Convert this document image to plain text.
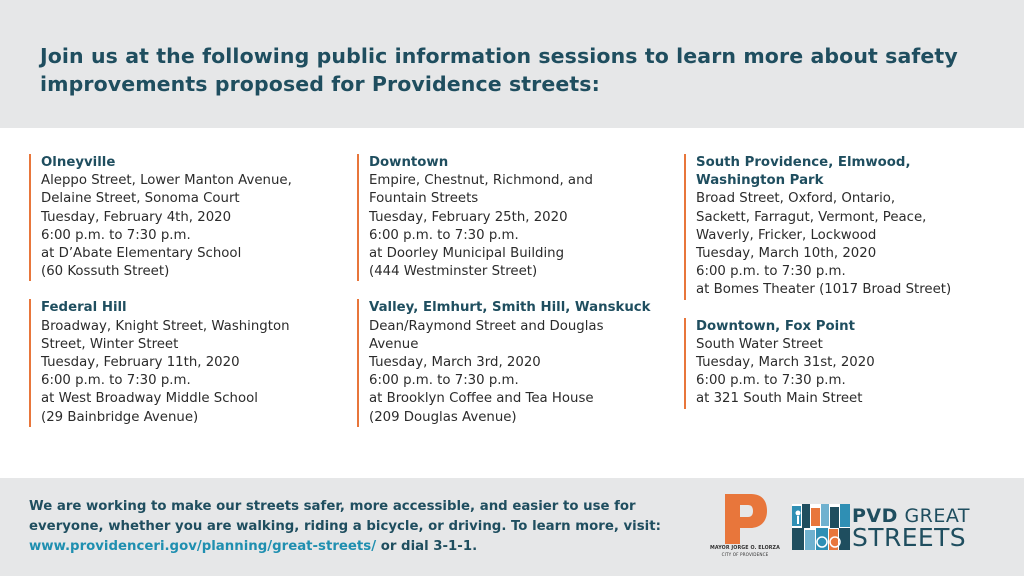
Join us at the following public information sessions to learn more about safety improvements proposed for Providence streets:
Olneyville
Aleppo Street, Lower Manton Avenue,
Delaine Street, Sonoma Court
Tuesday, February 4th, 2020
6:00 p.m. to 7:30 p.m.
at D’Abate Elementary School
(60 Kossuth Street)
Federal Hill
Broadway, Knight Street, Washington
Street, Winter Street
Tuesday, February 11th, 2020
6:00 p.m. to 7:30 p.m.
at West Broadway Middle School
(29 Bainbridge Avenue)
Downtown
Empire, Chestnut, Richmond, and
Fountain Streets
Tuesday, February 25th, 2020
6:00 p.m. to 7:30 p.m.
at Doorley Municipal Building
(444 Westminster Street)
Valley, Elmhurt, Smith Hill, Wanskuck
Dean/Raymond Street and Douglas
Avenue
Tuesday, March 3rd, 2020
6:00 p.m. to 7:30 p.m.
at Brooklyn Coffee and Tea House
(209 Douglas Avenue)
South Providence, Elmwood, Washington Park
Broad Street, Oxford, Ontario,
Sackett, Farragut, Vermont, Peace,
Waverly, Fricker, Lockwood
Tuesday, March 10th, 2020
6:00 p.m. to 7:30 p.m.
at Bomes Theater (1017 Broad Street)
Downtown, Fox Point
South Water Street
Tuesday, March 31st, 2020
6:00 p.m. to 7:30 p.m.
at 321 South Main Street

We are working to make our streets safer, more accessible, and easier to use for everyone, whether you are walking, riding a bicycle, or driving. To learn more, visit: www.providenceri.gov/planning/great-streets/ or dial 3-1-1.	MAYOR JORGE O. ELORZA
CITY OF PROVIDENCE
PVD GREAT
STREETS
